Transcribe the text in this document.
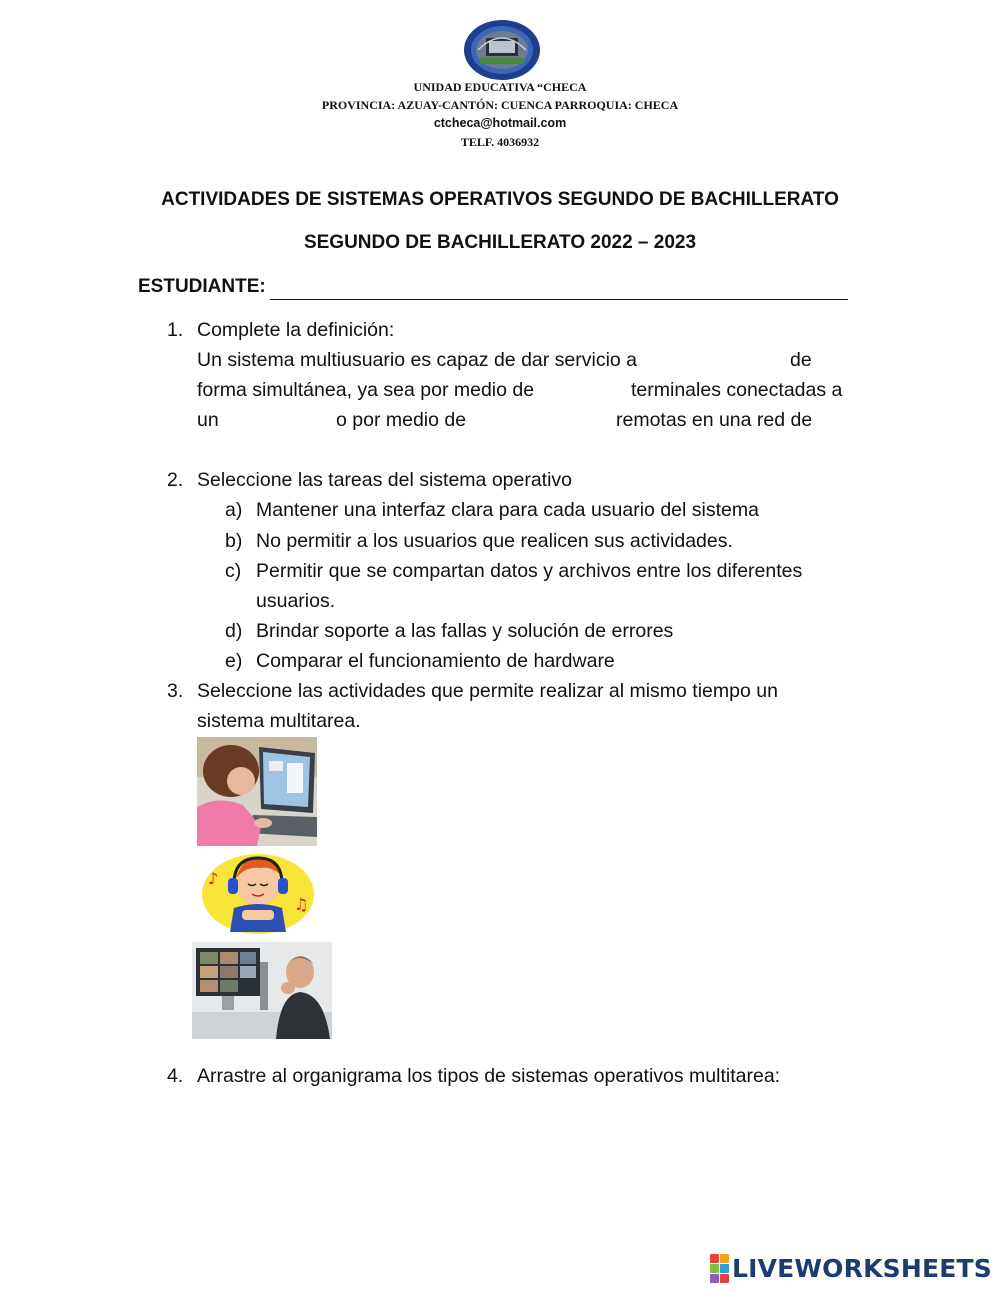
UNIDAD EDUCATIVA “CHECA
PROVINCIA: AZUAY-CANTÓN: CUENCA PARROQUIA: CHECA
ctcheca@hotmail.com
TELF. 4036932
ACTIVIDADES DE SISTEMAS OPERATIVOS SEGUNDO DE BACHILLERATO
SEGUNDO DE BACHILLERATO 2022 – 2023
ESTUDIANTE:
1. Complete la definición:
Un sistema multiusuario es capaz de dar servicio a	de
forma simultánea, ya sea por medio de	terminales conectadas a
un	o por medio de	remotas en una red de
2. Seleccione las tareas del sistema operativo
a) Mantener una interfaz clara para cada usuario del sistema
b) No permitir a los usuarios que realicen sus actividades.
c) Permitir que se compartan datos y archivos entre los diferentes
usuarios.
d) Brindar soporte a las fallas y solución de errores
e) Comparar el funcionamiento de hardware
3. Seleccione las actividades que permite realizar al mismo tiempo un
sistema multitarea.
♪
♫
4. Arrastre al organigrama los tipos de sistemas operativos multitarea:
LIVEWORKSHEETS
